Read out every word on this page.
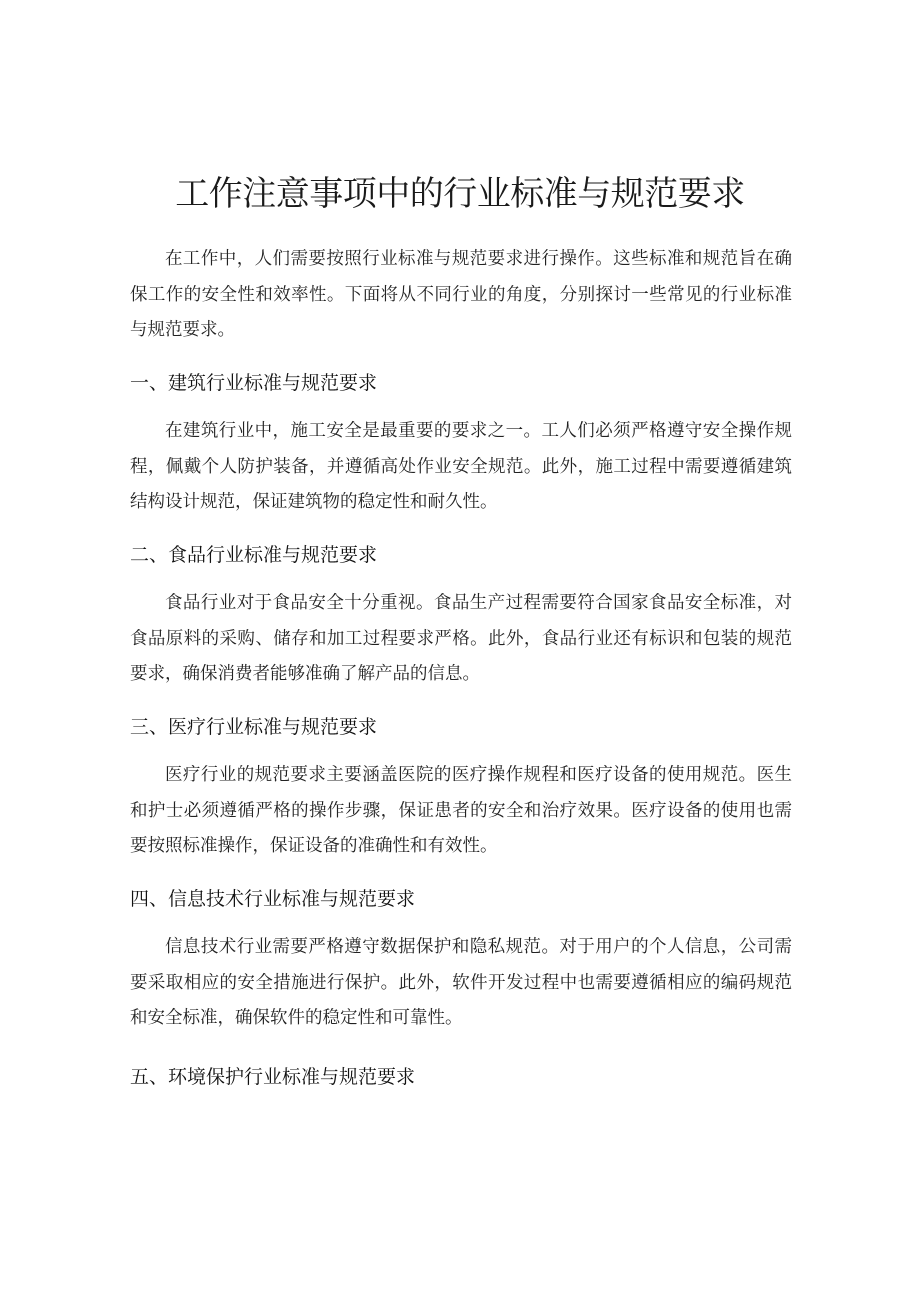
工作注意事项中的行业标准与规范要求

在工作中，人们需要按照行业标准与规范要求进行操作。这些标准和规范旨在确保工作的安全性和效率性。下面将从不同行业的角度，分别探讨一些常见的行业标准与规范要求。

一、建筑行业标准与规范要求

在建筑行业中，施工安全是最重要的要求之一。工人们必须严格遵守安全操作规程，佩戴个人防护装备，并遵循高处作业安全规范。此外，施工过程中需要遵循建筑结构设计规范，保证建筑物的稳定性和耐久性。

二、食品行业标准与规范要求

食品行业对于食品安全十分重视。食品生产过程需要符合国家食品安全标准，对食品原料的采购、储存和加工过程要求严格。此外，食品行业还有标识和包装的规范要求，确保消费者能够准确了解产品的信息。

三、医疗行业标准与规范要求

医疗行业的规范要求主要涵盖医院的医疗操作规程和医疗设备的使用规范。医生和护士必须遵循严格的操作步骤，保证患者的安全和治疗效果。医疗设备的使用也需要按照标准操作，保证设备的准确性和有效性。

四、信息技术行业标准与规范要求

信息技术行业需要严格遵守数据保护和隐私规范。对于用户的个人信息，公司需要采取相应的安全措施进行保护。此外，软件开发过程中也需要遵循相应的编码规范和安全标准，确保软件的稳定性和可靠性。

五、环境保护行业标准与规范要求
